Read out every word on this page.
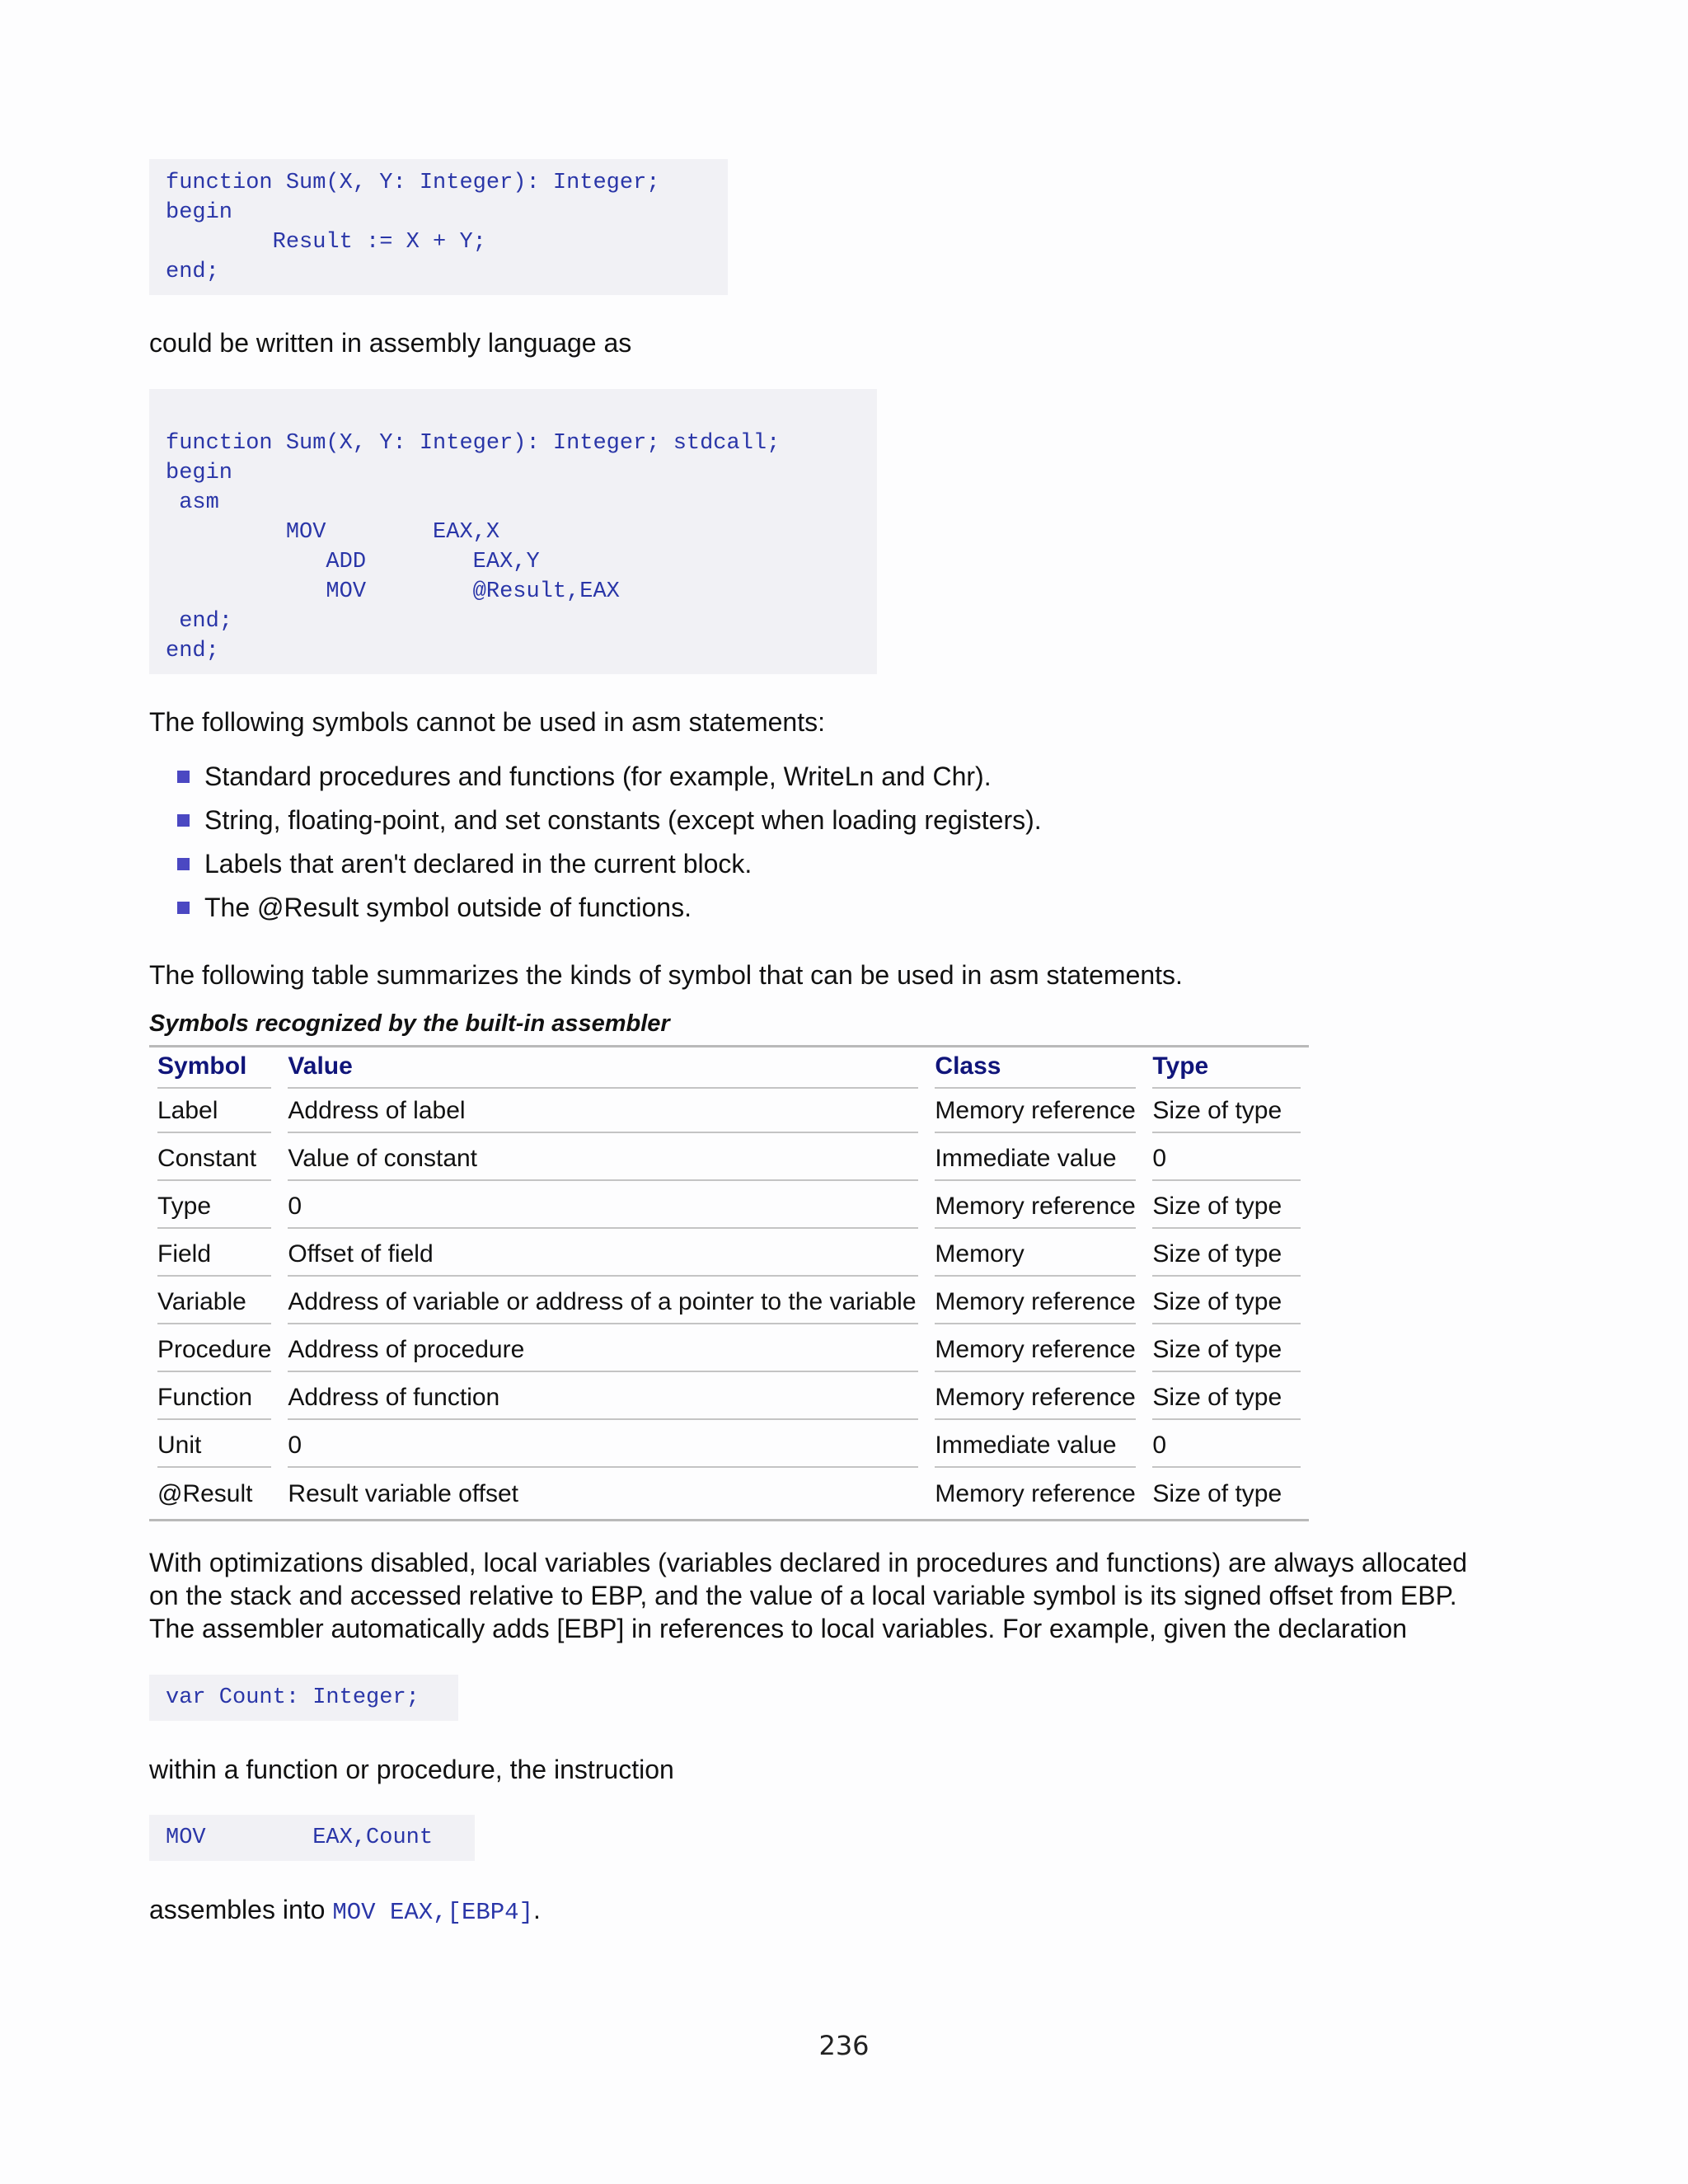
function Sum(X, Y: Integer): Integer;
begin
Result := X + Y;
end;

could be written in assembly language as

function Sum(X, Y: Integer): Integer; stdcall;
begin
asm
MOV        EAX,X
ADD        EAX,Y
MOV        @Result,EAX
end;
end;

The following symbols cannot be used in asm statements:

Standard procedures and functions (for example, WriteLn and Chr).
String, floating-point, and set constants (except when loading registers).
Labels that aren't declared in the current block.
The @Result symbol outside of functions.

The following table summarizes the kinds of symbol that can be used in asm statements.

Symbols recognized by the built-in assembler

Symbol	Value	Class	Type

Label	Address of label	Memory reference	Size of type

Constant	Value of constant	Immediate value	0

Type	0	Memory reference	Size of type

Field	Offset of field	Memory	Size of type

Variable	Address of variable or address of a pointer to the variable	Memory reference	Size of type

Procedure	Address of procedure	Memory reference	Size of type

Function	Address of function	Memory reference	Size of type

Unit	0	Immediate value	0

@Result	Result variable offset	Memory reference	Size of type

With optimizations disabled, local variables (variables declared in procedures and functions) are always allocated

on the stack and accessed relative to EBP, and the value of a local variable symbol is its signed offset from EBP.

The assembler automatically adds [EBP] in references to local variables. For example, given the declaration

var Count: Integer;

within a function or procedure, the instruction

MOV        EAX,Count

assembles into MOV EAX,[EBP4].

236
